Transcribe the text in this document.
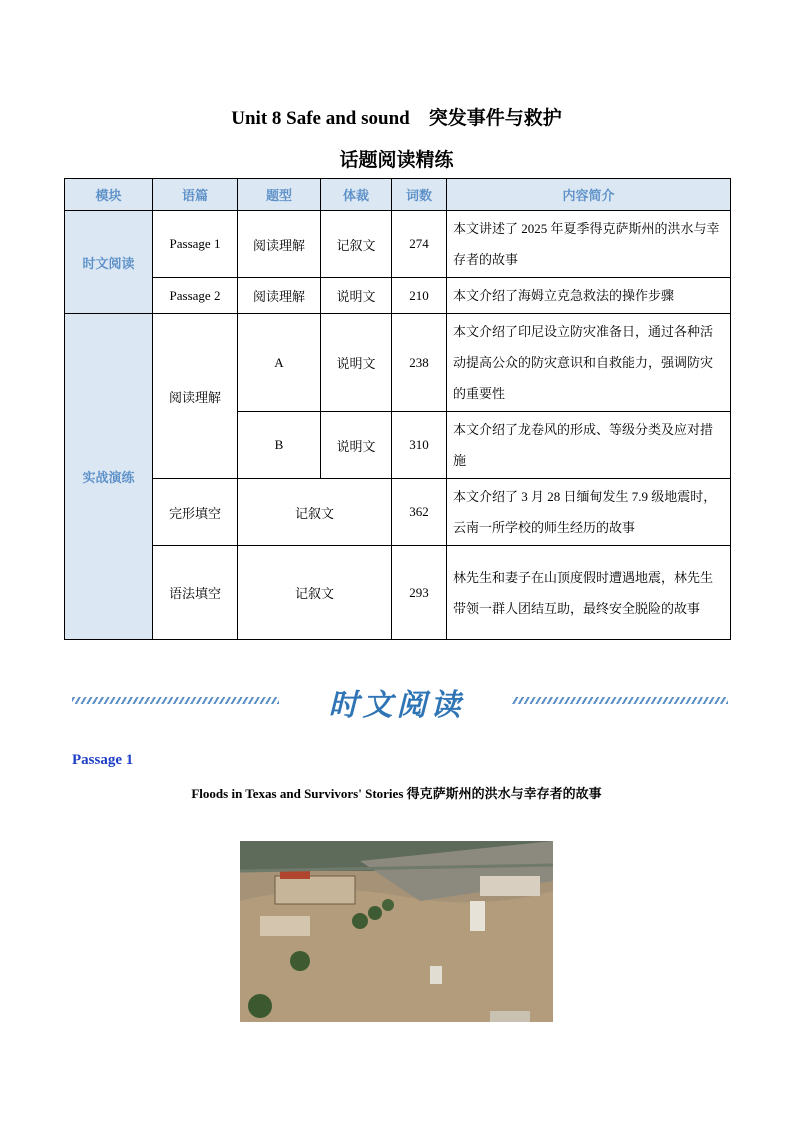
Unit 8 Safe and sound　突发事件与救护
话题阅读精练
模块	语篇	题型	体裁	词数	内容简介
时文阅读	Passage 1	阅读理解	记叙文	274	本文讲述了 2025 年夏季得克萨斯州的洪水与幸存者的故事
	Passage 2	阅读理解	说明文	210	本文介绍了海姆立克急救法的操作步骤
实战演练	阅读理解	A	说明文	238	本文介绍了印尼设立防灾准备日，通过各种活动提高公众的防灾意识和自救能力，强调防灾的重要性
		B	说明文	310	本文介绍了龙卷风的形成、等级分类及应对措施
	完形填空	记叙文		362	本文介绍了 3 月 28 日缅甸发生 7.9 级地震时，云南一所学校的师生经历的故事
	语法填空	记叙文		293	林先生和妻子在山顶度假时遭遇地震，林先生带领一群人团结互助，最终安全脱险的故事
时文阅读
Passage 1
Floods in Texas and Survivors' Stories 得克萨斯州的洪水与幸存者的故事
